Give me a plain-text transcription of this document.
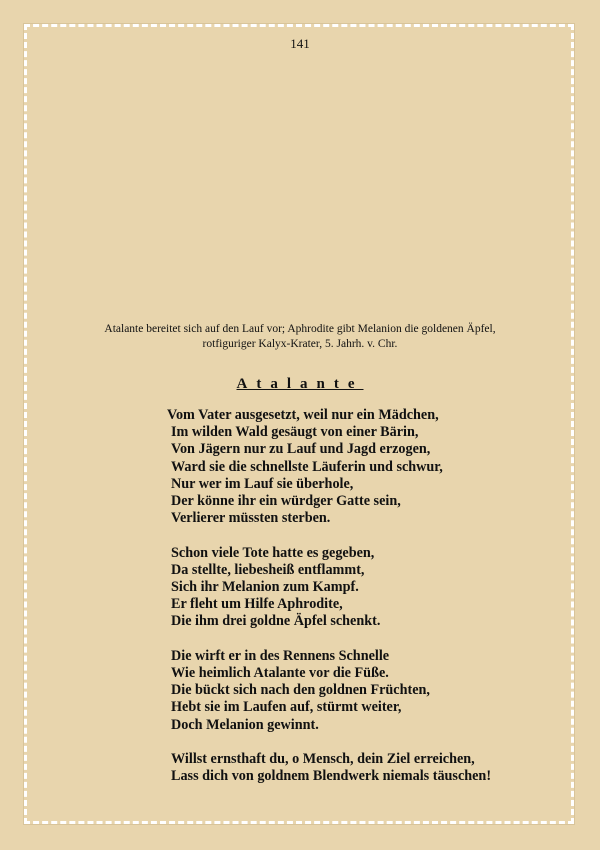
141
Atalante bereitet sich auf den Lauf vor; Aphrodite gibt Melanion die goldenen Äpfel,
rotfiguriger Kalyx-Krater, 5. Jahrh. v. Chr.
Atalante
Vom Vater ausgesetzt, weil nur ein Mädchen,
Im wilden Wald gesäugt von einer Bärin,
Von Jägern nur zu Lauf und Jagd erzogen,
Ward sie die schnellste Läuferin und schwur,
Nur wer im Lauf sie überhole,
Der könne ihr ein würdger Gatte sein,
Verlierer müssten sterben.
Schon viele Tote hatte es gegeben,
Da stellte, liebesheiß entflammt,
Sich ihr Melanion zum Kampf.
Er fleht um Hilfe Aphrodite,
Die ihm drei goldne Äpfel schenkt.
Die wirft er in des Rennens Schnelle
Wie heimlich Atalante vor die Füße.
Die bückt sich nach den goldnen Früchten,
Hebt sie im Laufen auf, stürmt weiter,
Doch Melanion gewinnt.
Willst ernsthaft du, o Mensch, dein Ziel erreichen,
Lass dich von goldnem Blendwerk niemals täuschen!
